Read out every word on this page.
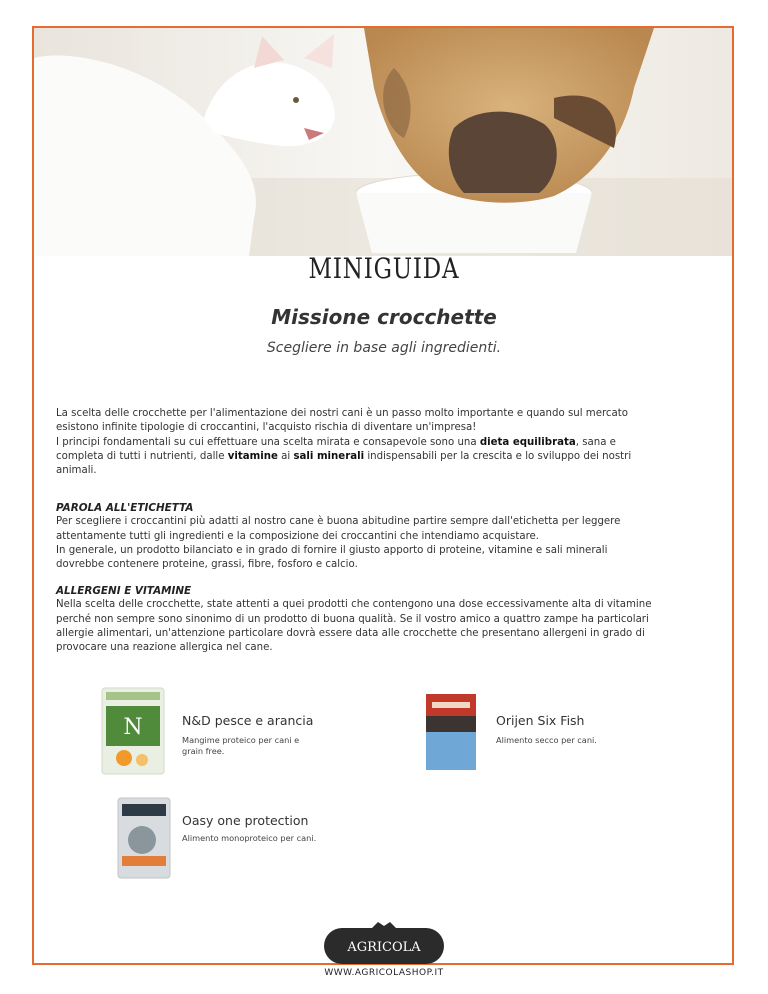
MINIGUIDA
Missione crocchette
Scegliere in base agli ingredienti.

La scelta delle crocchette per l'alimentazione dei nostri cani è un passo molto importante e quando sul mercato esistono infinite tipologie di croccantini, l'acquisto rischia di diventare un'impresa!

I principi fondamentali su cui effettuare una scelta mirata e consapevole sono una dieta equilibrata, sana e completa di tutti i nutrienti, dalle vitamine ai sali minerali indispensabili per la crescita e lo sviluppo dei nostri animali.

PAROLA ALL'ETICHETTA

Per scegliere i croccantini più adatti al nostro cane è buona abitudine partire sempre dall'etichetta per leggere attentamente tutti gli ingredienti e la composizione dei croccantini che intendiamo acquistare.

In generale, un prodotto bilanciato e in grado di fornire il giusto apporto di proteine, vitamine e sali minerali dovrebbe contenere proteine, grassi, fibre, fosforo e calcio.

ALLERGENI E VITAMINE

Nella scelta delle crocchette, state attenti a quei prodotti che contengono una dose eccessivamente alta di vitamine perché non sempre sono sinonimo di un prodotto di buona qualità. Se il vostro amico a quattro zampe ha particolari allergie alimentari, un'attenzione particolare dovrà essere data alle crocchette che presentano allergeni in grado di provocare una reazione allergica nel cane.

N	N&D pesce e arancia
Mangime proteico per cani e grain free.
Orijen Six Fish
Alimento secco per cani.
Oasy one protection
Alimento monoproteico per cani.
AGRICOLA
WWW.AGRICOLASHOP.IT
